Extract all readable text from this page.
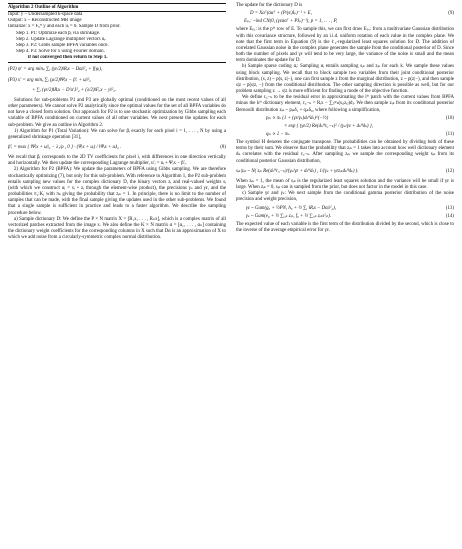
Algorithm 2 Outline of Algorithm
Input: y – Undersampled k-space data
Output: x – Reconstructed MR image
Initialize: x = Fᵤᴴ y and each uᵢ = 0. Sample D from prior.
Step 1. P1: Optimize each βᵢ via shrinkage.
Step 2. Update Lagrange multiplier vectors uᵢ.
Step 3. P2: Gibbs sample BPFA variables once.
Step 4. P3: Solve for x using Fourier domain.
if not converged then return to Step 1.
(P2) ψ′ = arg minₚ ∑ᵢ (γε/2)‖Rᵢx − Dαᵢ‖²₂ + f(φᵢ),
(P3) x′ = arg minₓ ∑ᵢ (ρ/2)‖Ψᵢx − β′ᵢ + uᵢ‖²₂
+ ∑ᵢ (γε/2)‖Rᵢx − D′α′ᵢ‖²₂ + (λ/2)‖Fᵤx − y‖²₂.

Solutions for sub-problems P1 and P3 are globally optimal (conditioned on the most recent values of all other parameters). We cannot solve P2 analytically since the optimal values for the set of all BPFA variables do not have a closed form solution. Our approach for P2 is to use stochastic optimization by Gibbs sampling each variable of BPFA conditioned on current values of all other variables. We next present the updates for each sub-problem. We give an outline in Algorithm 2.

1) Algorithm for P1 (Total Variation): We can solve for βᵢ exactly for each pixel i = 1, . . . , N by using a generalized shrinkage operation [31],

β′ᵢ = max { ‖Ψᵢx + uᵢ‖₂ − λ₁/ρ , 0 } · (Ψᵢx + uᵢ) / ‖Ψᵢx + uᵢ‖₂ .	(8)

We recall that βᵢ corresponds to the 2D TV coefficients for pixel i, with differences in one direction vertically and horizontally. We then update the corresponding Lagrange multiplier, u′ᵢ = uᵢ + Ψᵢx − β′ᵢ.

2) Algorithm for P2 (BPFA): We update the parameters of BPFA using Gibbs sampling. We are therefore stochastically optimizing (7), but only for this sub-problem. With reference to Algorithm 1, the P2 sub-problem entails sampling new values for the complex dictionary D, the binary vectors zᵢ and real-valued weights sᵢ (with which we construct αᵢ = sᵢ ∘ zᵢ through the element-wise product), the precisions γₛ and γε, and the probabilities π₁:K, with πₖ giving the probability that zᵢₖ = 1. In principle, there is no limit to the number of samples that can be made, with the final sample giving the updates used in the other sub-problems. We found that a single sample is sufficient in practice and leads to a faster algorithm. We describe the sampling procedure below.

a) Sample dictionary D: We define the P × N matrix X = [R₁x, . . . , Rₙx], which is a complex matrix of all vectorized patches extracted from the image x. We also define the K × N matrix α = [α₁, . . . , αₙ] containing the dictionary weight coefficients for the corresponding columns in X such that Dα is an approximation of X to which we add noise from a circularly-symmetric complex normal distribution.

The update for the dictionary D is

D = Xαᵀ(ααᵀ + (P/γε)Iₚ)⁻¹ + E,	(9)
Eₚ,: ~ind CN(0, (γεααᵀ + PIₚ)⁻¹), p = 1, . . . , P,

where Eₚ,: is the pᵗʰ row of E. To sample this, we can first draw Eₚ,: from a multivariate Gaussian distribution with this covariance structure, followed by an i.i.d. uniform rotation of each value in the complex plane. We note that the first term in Equation (9) is the ℓ₂-regularized least squares solution for D. The addition of correlated Gaussian noise in the complex plane generates the sample from the conditional posterior of D. Since both the number of pixels and γε will tend to be very large, the variance of the noise is small and the mean term dominates the update for D.

b) Sample sparse coding αᵢ: Sampling αᵢ entails sampling sᵢₖ and zᵢₖ for each k. We sample these values using block sampling. We recall that to block sample two variables from their joint conditional posterior distribution, (s, z) ~ p(s, z|−), one can first sample z from the marginal distribution, z ~ p(z|−), and then sample s|z ~ p(s|z, −) from the conditional distribution. The other sampling direction is possible as well, but for our problem sampling z → s|z is more efficient for finding a mode of the objective function.

We define rᵢ,−ₖ to be the residual error in approximating the iᵗʰ patch with the current values from BPFA minus the kᵗʰ dictionary element, rᵢ,−ₖ = Rᵢx − ∑ⱼ≠ₖ(sᵢⱼzᵢⱼ)dⱼ. We then sample zᵢₖ from its conditional posterior Bernoulli distribution zᵢₖ ~ pᵢₖδ₁ + qᵢₖδ₀, where following a simplification,

pᵢₖ ∝ πₖ (1 + (γε/γₛ)dₖᴴdₖ)^(−½)	(10)
× exp { (γε/2) Re(dₖᴴrᵢ,−ₖ)² / (γₛ/γε + dₖᴴdₖ) },
qᵢₖ ∝ 1 − πₖ.	(11)

The symbol H denotes the conjugate transpose. The probabilities can be obtained by dividing both of these terms by their sum. We observe that the probability that zᵢₖ = 1 takes into account how well dictionary element dₖ correlates with the residual rᵢ,−ₖ. After sampling zᵢₖ we sample the corresponding weight sᵢₖ from its conditional posterior Gaussian distribution,

sᵢₖ|zᵢₖ ~ N( zᵢₖ Re(dₖᴴrᵢ,−ₖ)/(γₛ/γε + dₖᴴdₖ) , 1/(γₛ + γεzᵢₖdₖᴴdₖ) ).	(12)

When zᵢₖ = 1, the mean of sᵢₖ is the regularized least squares solution and the variance will be small if γε is large. When zᵢₖ = 0, sᵢₖ can is sampled from the prior, but does not factor in the model in this case.

c) Sample γε and γₛ: We next sample from the conditional gamma posterior distribution of the noise precision and weight precision,

γε ~ Gam(g₀ + ½PN, h₀ + ½ ∑ᵢ ‖Rᵢx − Dαᵢ‖²₂),	(13)
γₛ ~ Gam(e₀ + ½ ∑ᵢ,ₖ zᵢₖ, f₀ + ½ ∑ᵢ,ₖ zᵢₖs²ᵢₖ).	(14)

The expected value of each variable is the first term of the distribution divided by the second, which is close to the inverse of the average empirical error for γε.
